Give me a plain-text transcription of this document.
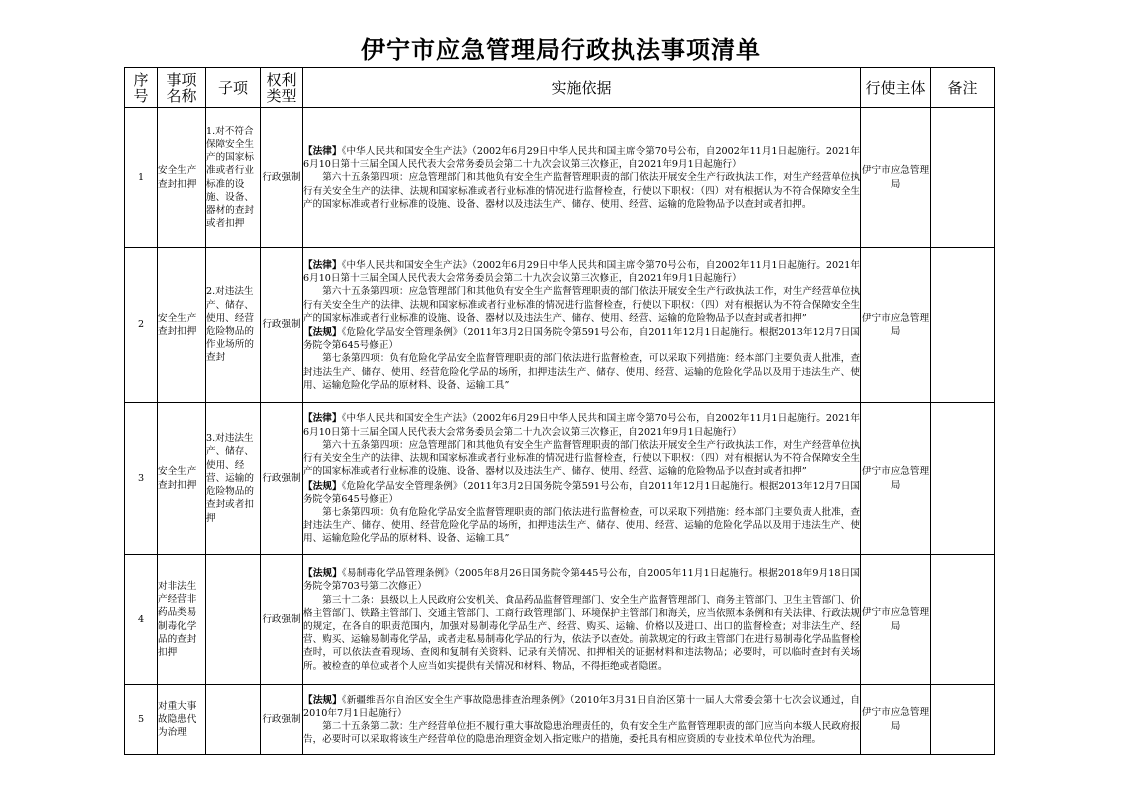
伊宁市应急管理局行政执法事项清单
序号	事项名称	子项	权利类型	实施依据	行使主体	备注
1	安全生产查封扣押	1.对不符合保障安全生产的国家标准或者行业标准的设施、设备、器材的查封或者扣押	行政强制	【法律】《中华人民共和国安全生产法》（2002年6月29日中华人民共和国主席令第70号公布，自2002年11月1日起施行。2021年6月10日第十三届全国人民代表大会常务委员会第二十九次会议第三次修正，自2021年9月1日起施行）
第六十五条第四项：应急管理部门和其他负有安全生产监督管理职责的部门依法开展安全生产行政执法工作，对生产经营单位执行有关安全生产的法律、法规和国家标准或者行业标准的情况进行监督检查，行使以下职权：（四）对有根据认为不符合保障安全生产的国家标准或者行业标准的设施、设备、器材以及违法生产、储存、使用、经营、运输的危险物品予以查封或者扣押。	伊宁市应急管理局	
2	安全生产查封扣押	2.对违法生产、储存、使用、经营危险物品的作业场所的查封	行政强制	【法律】《中华人民共和国安全生产法》（2002年6月29日中华人民共和国主席令第70号公布，自2002年11月1日起施行。2021年6月10日第十三届全国人民代表大会常务委员会第二十九次会议第三次修正，自2021年9月1日起施行）
第六十五条第四项：应急管理部门和其他负有安全生产监督管理职责的部门依法开展安全生产行政执法工作，对生产经营单位执行有关安全生产的法律、法规和国家标准或者行业标准的情况进行监督检查，行使以下职权：（四）对有根据认为不符合保障安全生产的国家标准或者行业标准的设施、设备、器材以及违法生产、储存、使用、经营、运输的危险物品予以查封或者扣押”
【法规】《危险化学品安全管理条例》（2011年3月2日国务院令第591号公布，自2011年12月1日起施行。根据2013年12月7日国务院令第645号修正）
第七条第四项：负有危险化学品安全监督管理职责的部门依法进行监督检查，可以采取下列措施：经本部门主要负责人批准，查封违法生产、储存、使用、经营危险化学品的场所，扣押违法生产、储存、使用、经营、运输的危险化学品以及用于违法生产、使用、运输危险化学品的原材料、设备、运输工具”	伊宁市应急管理局	
3	安全生产查封扣押	3.对违法生产、储存、使用、经营、运输的危险物品的查封或者扣押	行政强制	【法律】《中华人民共和国安全生产法》（2002年6月29日中华人民共和国主席令第70号公布，自2002年11月1日起施行。2021年6月10日第十三届全国人民代表大会常务委员会第二十九次会议第三次修正，自2021年9月1日起施行）
第六十五条第四项：应急管理部门和其他负有安全生产监督管理职责的部门依法开展安全生产行政执法工作，对生产经营单位执行有关安全生产的法律、法规和国家标准或者行业标准的情况进行监督检查，行使以下职权：（四）对有根据认为不符合保障安全生产的国家标准或者行业标准的设施、设备、器材以及违法生产、储存、使用、经营、运输的危险物品予以查封或者扣押”
【法规】《危险化学品安全管理条例》（2011年3月2日国务院令第591号公布，自2011年12月1日起施行。根据2013年12月7日国务院令第645号修正）
第七条第四项：负有危险化学品安全监督管理职责的部门依法进行监督检查，可以采取下列措施：经本部门主要负责人批准，查封违法生产、储存、使用、经营危险化学品的场所，扣押违法生产、储存、使用、经营、运输的危险化学品以及用于违法生产、使用、运输危险化学品的原材料、设备、运输工具”	伊宁市应急管理局	
4	对非法生产经营非药品类易制毒化学品的查封扣押		行政强制	【法规】《易制毒化学品管理条例》（2005年8月26日国务院令第445号公布，自2005年11月1日起施行。根据2018年9月18日国务院令第703号第二次修正）
第三十二条：县级以上人民政府公安机关、食品药品监督管理部门、安全生产监督管理部门、商务主管部门、卫生主管部门、价格主管部门、铁路主管部门、交通主管部门、工商行政管理部门、环境保护主管部门和海关，应当依照本条例和有关法律、行政法规的规定，在各自的职责范围内，加强对易制毒化学品生产、经营、购买、运输、价格以及进口、出口的监督检查；对非法生产、经营、购买、运输易制毒化学品，或者走私易制毒化学品的行为，依法予以查处。前款规定的行政主管部门在进行易制毒化学品监督检查时，可以依法查看现场、查阅和复制有关资料、记录有关情况、扣押相关的证据材料和违法物品；必要时，可以临时查封有关场所。被检查的单位或者个人应当如实提供有关情况和材料、物品，不得拒绝或者隐匿。	伊宁市应急管理局	
5	对重大事故隐患代为治理		行政强制	【法规】《新疆维吾尔自治区安全生产事故隐患排查治理条例》（2010年3月31日自治区第十一届人大常委会第十七次会议通过，自2010年7月1日起施行）
第二十五条第二款：生产经营单位拒不履行重大事故隐患治理责任的，负有安全生产监督管理职责的部门应当向本级人民政府报告，必要时可以采取将该生产经营单位的隐患治理资金划入指定账户的措施，委托具有相应资质的专业技术单位代为治理。	伊宁市应急管理局	
